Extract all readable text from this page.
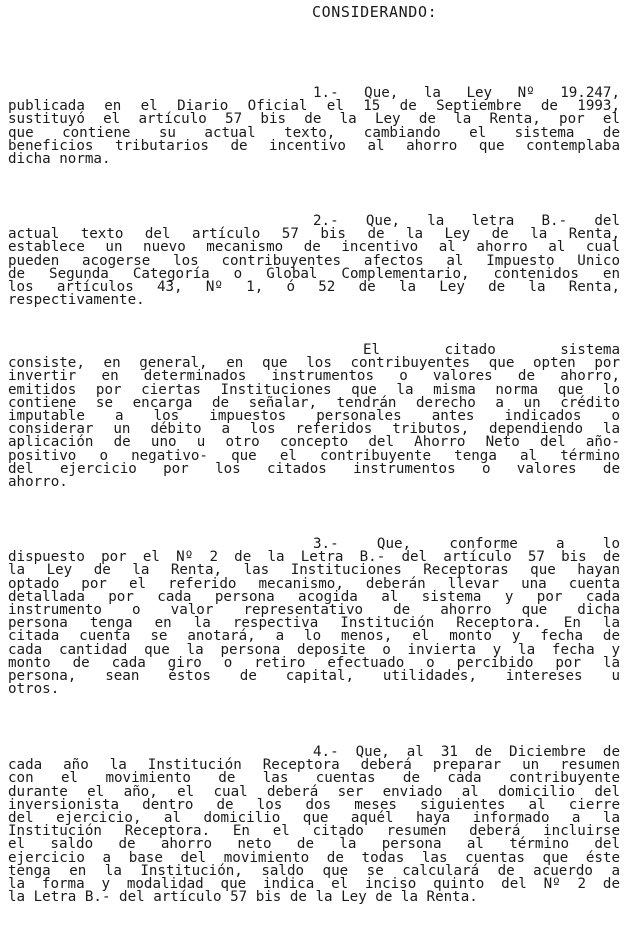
CONSIDERANDO:
1.- Que, la Ley Nº 19.247,
publicada en el Diario Oficial el 15 de Septiembre de 1993,
sustituyó el artículo 57 bis de la Ley de la Renta, por el
que contiene su actual texto, cambiando el sistema de
beneficios tributarios de incentivo al ahorro que contemplaba
dicha norma.
2.- Que, la letra B.- del
actual texto del artículo 57 bis de la Ley de la Renta,
establece un nuevo mecanismo de incentivo al ahorro al cual
pueden acogerse los contribuyentes afectos al Impuesto Unico
de Segunda Categoría o Global Complementario, contenidos en
los artículos 43, Nº 1, ó 52 de la Ley de la Renta,
respectivamente.
El citado sistema
consiste, en general, en que los contribuyentes que opten por
invertir en determinados instrumentos o valores de ahorro,
emitidos por ciertas Instituciones que la misma norma que lo
contiene se encarga de señalar, tendrán derecho a un crédito
imputable a los impuestos personales antes indicados o
considerar un débito a los referidos tributos, dependiendo la
aplicación de uno u otro concepto del Ahorro Neto del año-
positivo o negativo- que el contribuyente tenga al término
del ejercicio por los citados instrumentos o valores de
ahorro.
3.- Que, conforme a lo
dispuesto por el Nº 2 de la Letra B.- del artículo 57 bis de
la Ley de la Renta, las Instituciones Receptoras que hayan
optado por el referido mecanismo, deberán llevar una cuenta
detallada por cada persona acogida al sistema y por cada
instrumento o valor representativo de ahorro que dicha
persona tenga en la respectiva Institución Receptora. En la
citada cuenta se anotará, a lo menos, el monto y fecha de
cada cantidad que la persona deposite o invierta y la fecha y
monto de cada giro o retiro efectuado o percibido por la
persona, sean éstos de capital, utilidades, intereses u
otros.
4.- Que, al 31 de Diciembre de
cada año la Institución Receptora deberá preparar un resumen
con el movimiento de las cuentas de cada contribuyente
durante el año, el cual deberá ser enviado al domicilio del
inversionista dentro de los dos meses siguientes al cierre
del ejercicio, al domicilio que aquél haya informado a la
Institución Receptora. En el citado resumen deberá incluirse
el saldo de ahorro neto de la persona al término del
ejercicio a base del movimiento de todas las cuentas que éste
tenga en la Institución, saldo que se calculará de acuerdo a
la forma y modalidad que indica el inciso quinto del Nº 2 de
la Letra B.- del artículo 57 bis de la Ley de la Renta.
